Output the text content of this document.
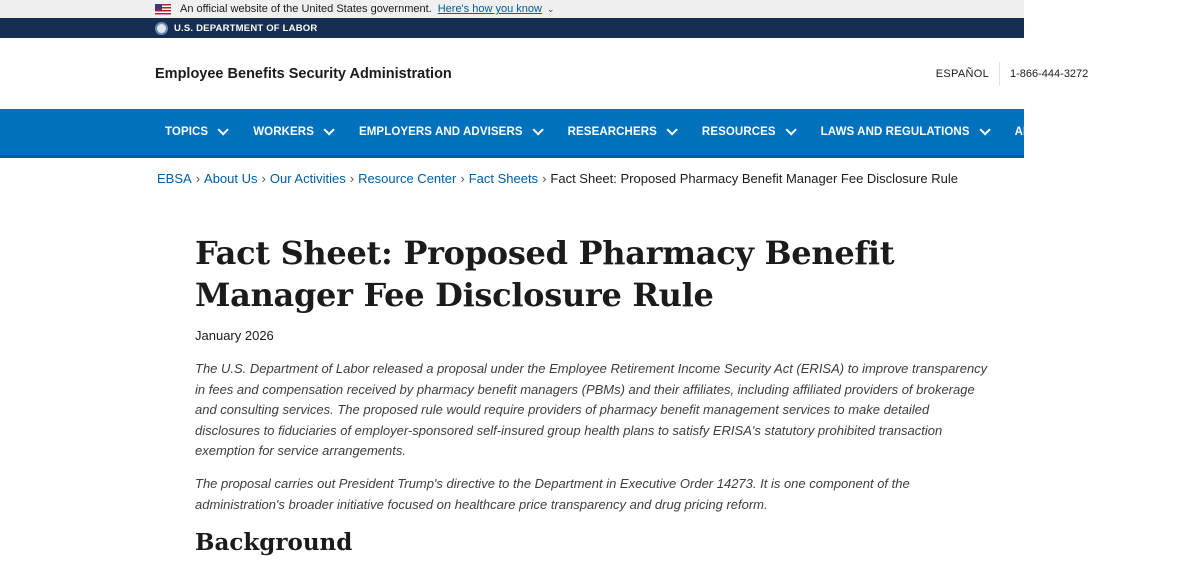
An official website of the United States government. Here's how you know ⌄
U.S. DEPARTMENT OF LABOR
Employee Benefits Security Administration	ESPAÑOL	1-866-444-3272
TOPICS	WORKERS	EMPLOYERS AND ADVISERS	RESEARCHERS	RESOURCES	LAWS AND REGULATIONS	ABOUT	CONTACT US
EBSA › About Us › Our Activities › Resource Center › Fact Sheets › Fact Sheet: Proposed Pharmacy Benefit Manager Fee Disclosure Rule
Fact Sheet: Proposed Pharmacy Benefit Manager Fee Disclosure Rule
January 2026

The U.S. Department of Labor released a proposal under the Employee Retirement Income Security Act (ERISA) to improve transparency in fees and compensation received by pharmacy benefit managers (PBMs) and their affiliates, including affiliated providers of brokerage and consulting services. The proposed rule would require providers of pharmacy benefit management services to make detailed disclosures to fiduciaries of employer-sponsored self-insured group health plans to satisfy ERISA's statutory prohibited transaction exemption for service arrangements.

The proposal carries out President Trump's directive to the Department in Executive Order 14273. It is one component of the administration's broader initiative focused on healthcare price transparency and drug pricing reform.

Background
